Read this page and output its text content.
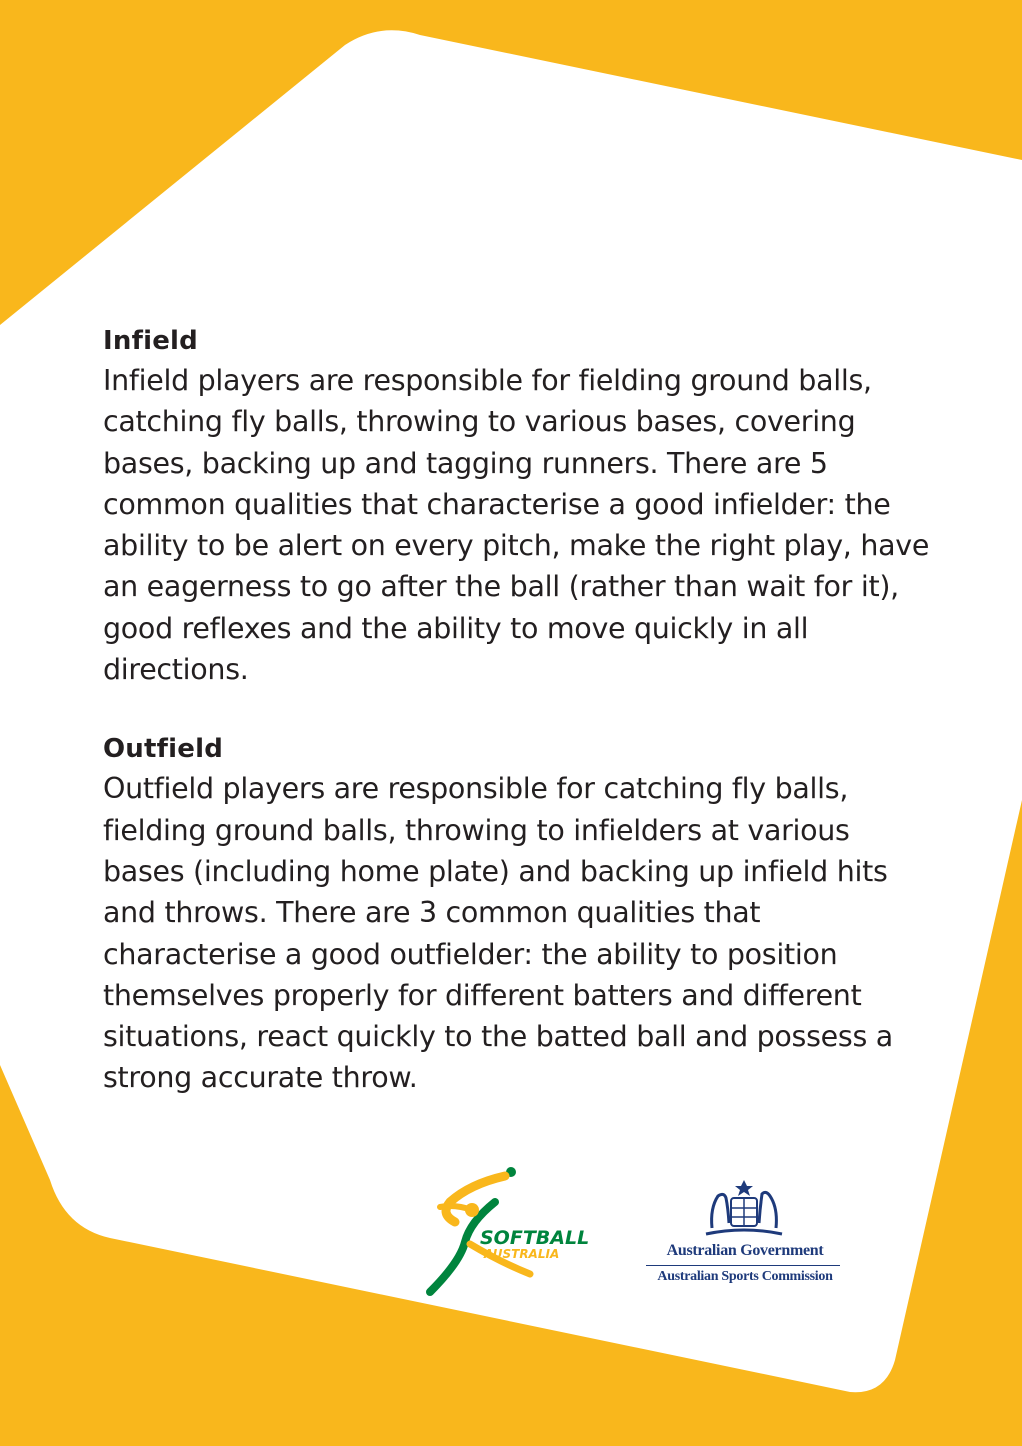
Infield

Infield players are responsible for fielding ground balls, catching fly balls, throwing to various bases, covering bases, backing up and tagging runners. There are 5 common qualities that characterise a good infielder: the ability to be alert on every pitch, make the right play, have an eagerness to go after the ball (rather than wait for it), good reflexes and the ability to move quickly in all directions.

Outfield

Outfield players are responsible for catching fly balls, fielding ground balls, throwing to infielders at various bases (including home plate) and backing up infield hits and throws. There are 3 common qualities that characterise a good outfielder: the ability to position themselves properly for different batters and different situations, react quickly to the batted ball and possess a strong accurate throw.

SOFTBALL
AUSTRALIA	Australian Government
Australian Sports Commission
